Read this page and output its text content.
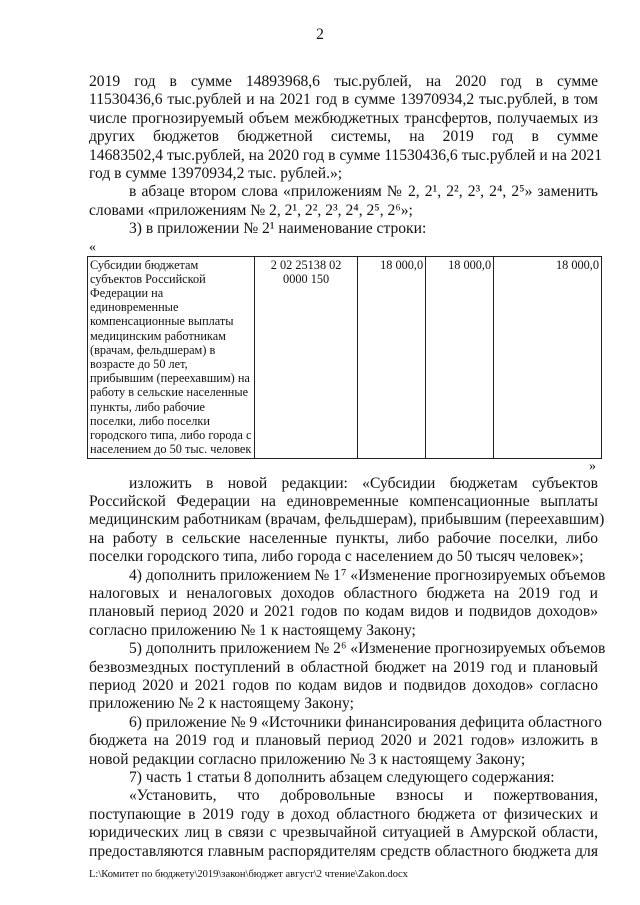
2

2019 год в сумме 14893968,6 тыс.рублей, на 2020 год в сумме

11530436,6 тыс.рублей и на 2021 год в сумме 13970934,2 тыс.рублей, в том

числе прогнозируемый объем межбюджетных трансфертов, получаемых из

других бюджетов бюджетной системы, на 2019 год в сумме

14683502,4 тыс.рублей, на 2020 год в сумме 11530436,6 тыс.рублей и на 2021

год в сумме 13970934,2 тыс. рублей.»;

в абзаце втором слова «приложениям № 2, 2¹, 2², 2³, 2⁴, 2⁵» заменить

словами «приложениям № 2, 2¹, 2², 2³, 2⁴, 2⁵, 2⁶»;

3) в приложении № 2¹ наименование строки:

«

Субсидии бюджетам субъектов Российской Федерации на единовременные компенсационные выплаты медицинским работникам (врачам, фельдшерам) в возрасте до 50 лет, прибывшим (переехавшим) на работу в сельские населенные пункты, либо рабочие поселки, либо поселки городского типа, либо города с населением до 50 тыс. человек	2 02 25138 02 0000 150	18 000,0	18 000,0	18 000,0

»

изложить в новой редакции: «Субсидии бюджетам субъектов

Российской Федерации на единовременные компенсационные выплаты

медицинским работникам (врачам, фельдшерам), прибывшим (переехавшим)

на работу в сельские населенные пункты, либо рабочие поселки, либо

поселки городского типа, либо города с населением до 50 тысяч человек»;

4) дополнить приложением № 1⁷ «Изменение прогнозируемых объемов

налоговых и неналоговых доходов областного бюджета на 2019 год и

плановый период 2020 и 2021 годов по кодам видов и подвидов доходов»

согласно приложению № 1 к настоящему Закону;

5) дополнить приложением № 2⁶ «Изменение прогнозируемых объемов

безвозмездных поступлений в областной бюджет на 2019 год и плановый

период 2020 и 2021 годов по кодам видов и подвидов доходов» согласно

приложению № 2 к настоящему Закону;

6) приложение № 9 «Источники финансирования дефицита областного

бюджета на 2019 год и плановый период 2020 и 2021 годов» изложить в

новой редакции согласно приложению № 3 к настоящему Закону;

7) часть 1 статьи 8 дополнить абзацем следующего содержания:

«Установить, что добровольные взносы и пожертвования,

поступающие в 2019 году в доход областного бюджета от физических и

юридических лиц в связи с чрезвычайной ситуацией в Амурской области,

предоставляются главным распорядителям средств областного бюджета для

L:\Комитет по бюджету\2019\закон\бюджет август\2 чтение\Zakon.docx
